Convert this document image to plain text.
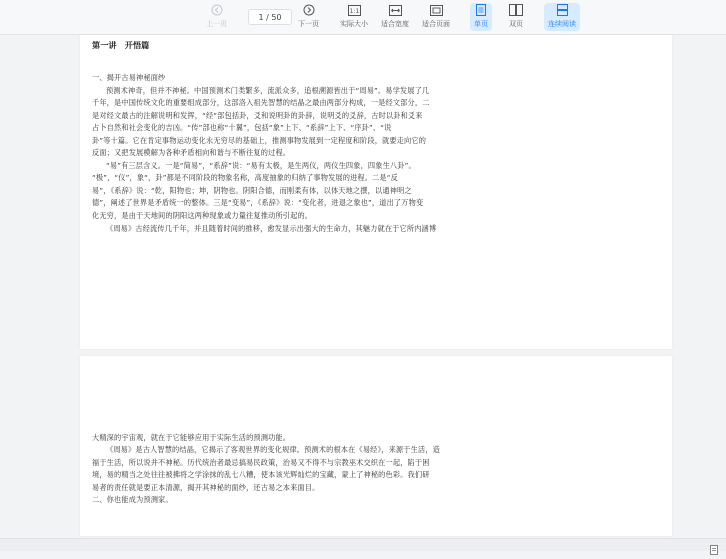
上一页
1 / 50
下一页
1:1
实际大小 适合宽度 适合页面	单页	双页	连续阅读
第一讲　开悟篇
一、揭开古易神秘面纱
预测术神奇，但并不神秘。中国预测术门类繁多，流派众多，追根溯源皆出于“周易”。易学发展了几
千年，是中国传统文化的重要组成部分，这部洛入祖先智慧的结晶之最由两部分构成，一是经文部分，二
是对经文最古的注解说明和发挥，“经”部包括卦，爻和说明卦的卦辞，说明爻的爻辞，古时以卦和爻来
占卜自然和社会变化的吉凶。“传”部也称“十翼”，包括“象”上下、“系辞”上下、“序卦”、“说
卦”等十篇。它在肯定事物运动变化永无穷尽的基础上，推测事物发展到一定程度和阶段，就要走向它的
反面；又把发展模解为各种矛盾相向和谐与不断往复的过程。
“易”有三层含义。一是“简易”，“系辞”说：“易有太极，是生两仪，两仪生四象，四象生八卦”。
“极”，“仪”，象“，卦”都是不同阶段的物象名称，高度抽象的归纳了事物发展的进程。二是“反
易”，《系辞》说：“乾，阳物也；坤，阴物也。阴阳合德，而刚柔有体，以体天地之撰，以通神明之
德”，阐述了世界是矛盾统一的整体。三是“变易”，《系辞》说：“变化者，进退之象也”，道出了万物变
化无穷，是由于天地间的阴阳这两种现象或力量往复推动所引起的。
《周易》古经流传几千年，并且随着时间的推移，愈发显示出强大的生命力，其魅力就在于它所内涵博
大精深的宇宙观，就在于它能够应用于实际生活的预测功能。
《周易》是古人智慧的结晶，它揭示了客观世界的变化规律。预测术的根本在《易经》，来源于生活，造
福于生活，所以说并不神秘。历代统治者最忌搞易民政策，治易又不得不与宗教巫术交织在一起，陷于困
境，易的精当之处往往被拂将之学涂抹的乱七八糟，使本该光辉灿烂的宝藏，蒙上了神秘的色彩。我们研
易者的责任就是要正本清源，揭开其神秘的面纱，还古易之本来面目。
二、你也能成为预测家。
